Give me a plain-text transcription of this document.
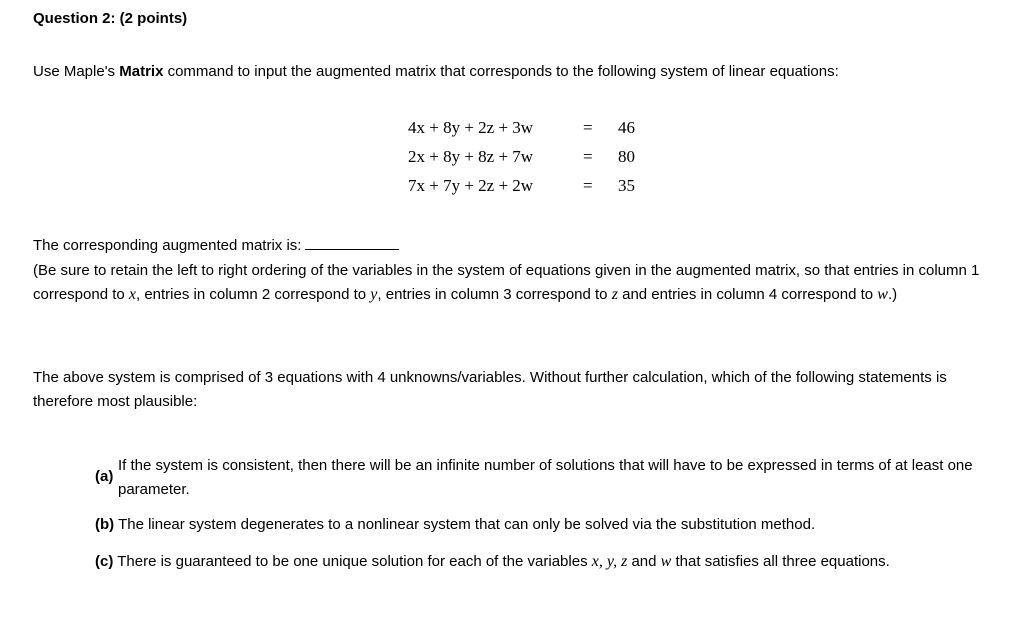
Question 2: (2 points)
Use Maple's Matrix command to input the augmented matrix that corresponds to the following system of linear equations:
4x + 8y + 2z + 3w	= 46
2x + 8y + 8z + 7w	= 80
7x + 7y + 2z + 2w	= 35
The corresponding augmented matrix is:
(Be sure to retain the left to right ordering of the variables in the system of equations given in the augmented matrix, so that entries in column 1 correspond to x, entries in column 2 correspond to y, entries in column 3 correspond to z and entries in column 4 correspond to w.)
The above system is comprised of 3 equations with 4 unknowns/variables. Without further calculation, which of the following statements is therefore most plausible:
(a)
If the system is consistent, then there will be an infinite number of solutions that will have to be expressed in terms of at least one parameter.
(b) The linear system degenerates to a nonlinear system that can only be solved via the substitution method.
(c) There is guaranteed to be one unique solution for each of the variables x, y, z and w that satisfies all three equations.
